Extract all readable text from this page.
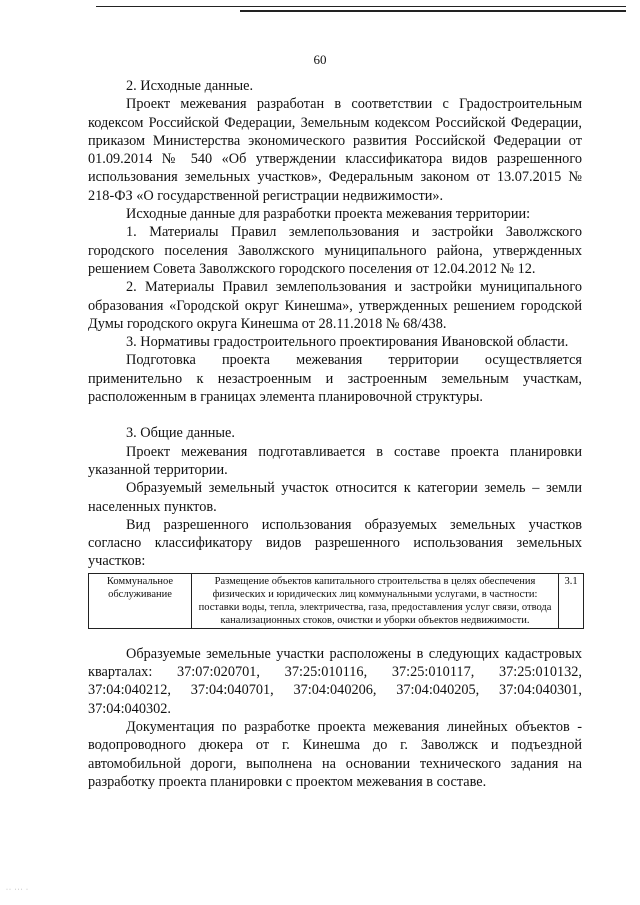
60

2. Исходные данные.

Проект межевания разработан в соответствии с Градостроительным кодексом Российской Федерации, Земельным кодексом Российской Федерации, приказом Министерства экономического развития Российской Федерации от 01.09.2014 № 540 «Об утверждении классификатора видов разрешенного использования земельных участков», Федеральным законом от 13.07.2015 № 218-ФЗ «О государственной регистрации недвижимости».

Исходные данные для разработки проекта межевания территории:

1. Материалы Правил землепользования и застройки Заволжского городского поселения Заволжского муниципального района, утвержденных решением Совета Заволжского городского поселения от 12.04.2012 № 12.

2. Материалы Правил землепользования и застройки муниципального образования «Городской округ Кинешма», утвержденных решением городской Думы городского округа Кинешма от 28.11.2018 № 68/438.

3. Нормативы градостроительного проектирования Ивановской области.

Подготовка проекта межевания территории осуществляется применительно к незастроенным и застроенным земельным участкам, расположенным в границах элемента планировочной структуры.

3. Общие данные.

Проект межевания подготавливается в составе проекта планировки указанной территории.

Образуемый земельный участок относится к категории земель – земли населенных пунктов.

Вид разрешенного использования образуемых земельных участков согласно классификатору видов разрешенного использования земельных участков:

Коммунальное обслуживание	Размещение объектов капитального строительства в целях обеспечения физических и юридических лиц коммунальными услугами, в частности: поставки воды, тепла, электричества, газа, предоставления услуг связи, отвода канализационных стоков, очистки и уборки объектов недвижимости.	3.1

Образуемые земельные участки расположены в следующих кадастровых кварталах: 37:07:020701, 37:25:010116, 37:25:010117, 37:25:010132, 37:04:040212, 37:04:040701, 37:04:040206, 37:04:040205, 37:04:040301, 37:04:040302.

Документация по разработке проекта межевания линейных объектов - водопроводного дюкера от г. Кинешма до г. Заволжск и подъездной автомобильной дороги, выполнена на основании технического задания на разработку проекта планировки с проектом межевания в составе.

·· ··· ·
